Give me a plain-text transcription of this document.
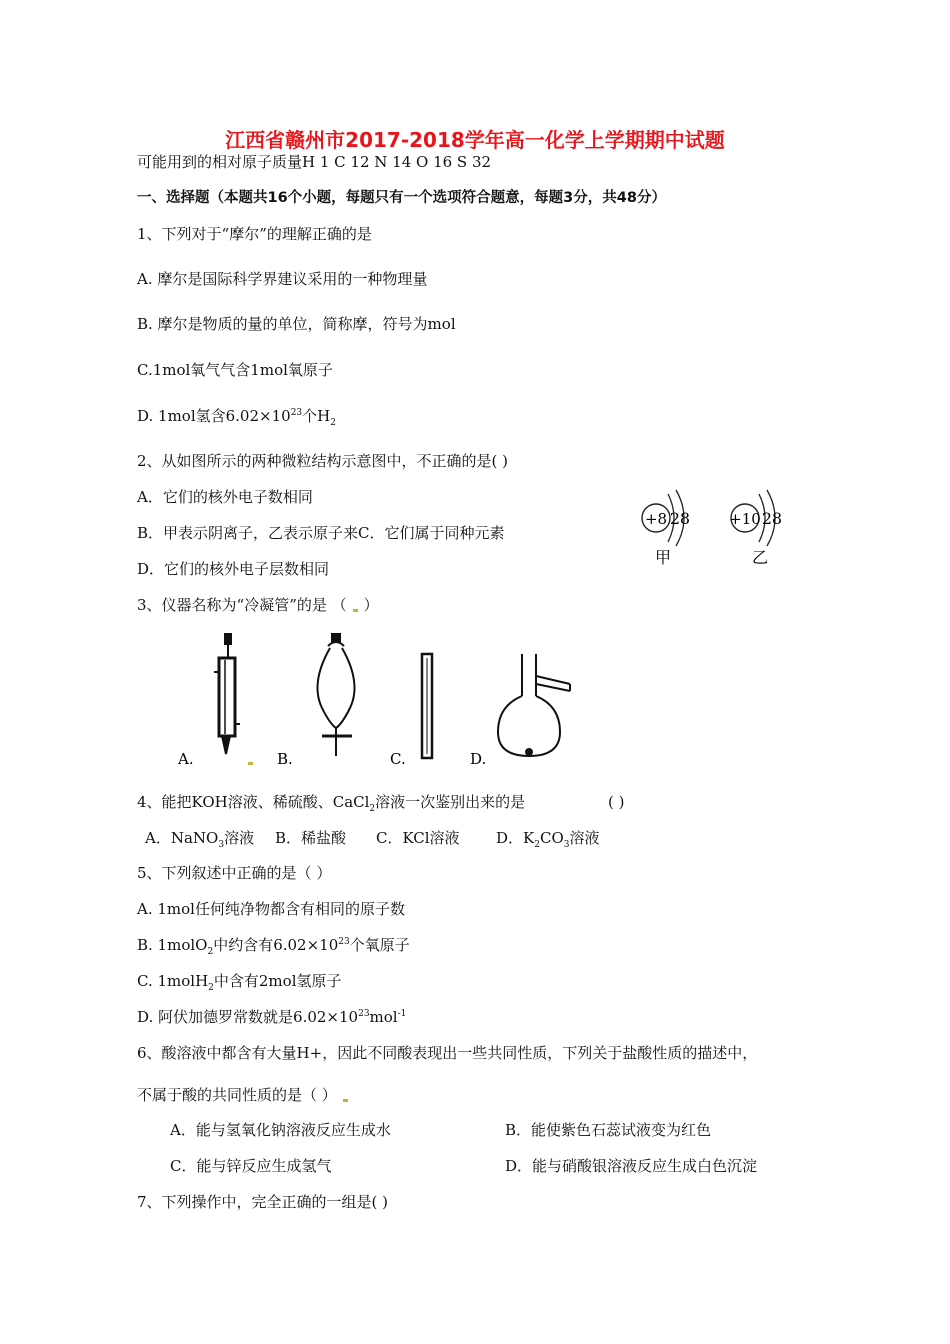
江西省赣州市2017-2018学年高一化学上学期期中试题
可能用到的相对原子质量H 1 C 12 N 14 O 16 S 32
一、选择题（本题共16个小题，每题只有一个选项符合题意，每题3分，共48分）
1、下列对于“摩尔”的理解正确的是
A. 摩尔是国际科学界建议采用的一种物理量
B. 摩尔是物质的量的单位，简称摩，符号为mol
C.1mol氧气气含1mol氧原子
D. 1mol氢含$6.02\times 10^{23}$个$H_2$
2、从如图所示的两种微粒结构示意图中，不正确的是( )
A．它们的核外电子数相同
B．甲表示阴离子，乙表示原子来C．它们属于同种元素
D．它们的核外电子层数相同
+8 2 8
甲
+10 2 8
乙
3、仪器名称为“冷凝管”的是 （ ）
A.	B.	C.	D.
4、能把KOH溶液、稀硫酸、CaCl$_2$溶液一次鉴别出来的是	( )
A．NaNO$_3$溶液 B．稀盐酸 C．KCl溶液 D．$K_2CO_3$溶液
5、下列叙述中正确的是（ ）
A. 1mol任何纯净物都含有相同的原子数
B. 1molO$_2$中约含有$6.02\times 10^{23}$个氧原子
C. 1molH$_2$中含有2mol氢原子
D. 阿伏加德罗常数就是$6.02\times 10^{23}mol^{-1}$
6、酸溶液中都含有大量H+，因此不同酸表现出一些共同性质，下列关于盐酸性质的描述中，
不属于酸的共同性质的是（ ）
A．能与氢氧化钠溶液反应生成水	B．能使紫色石蕊试液变为红色
C．能与锌反应生成氢气	D．能与硝酸银溶液反应生成白色沉淀
7、下列操作中，完全正确的一组是( )
